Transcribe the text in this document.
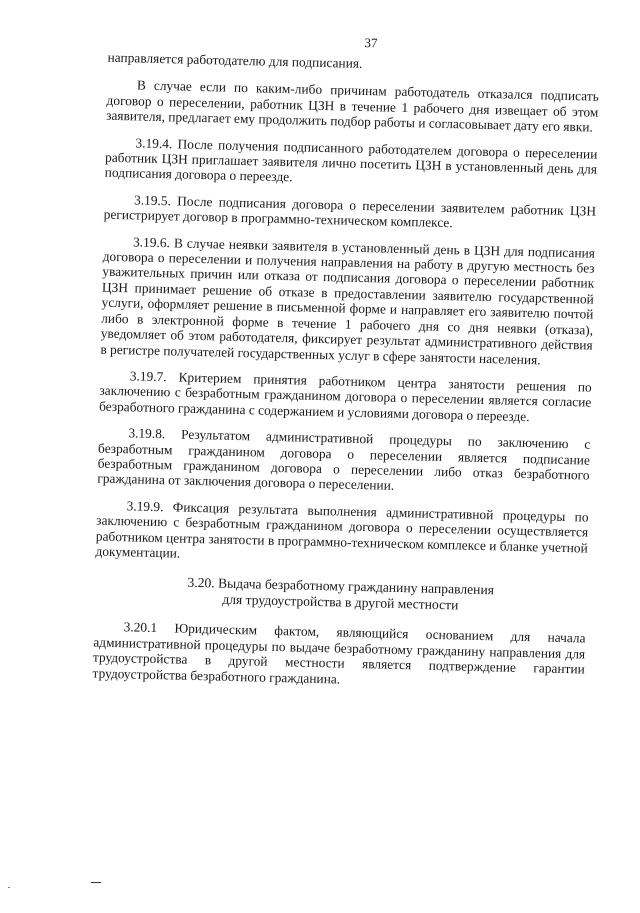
37

направляется работодателю для подписания.

В случае если по каким-либо причинам работодатель отказался подписать договор о переселении, работник ЦЗН в течение 1 рабочего дня извещает об этом заявителя, предлагает ему продолжить подбор работы и согласовывает дату его явки.

3.19.4. После получения подписанного работодателем договора о переселении работник ЦЗН приглашает заявителя лично посетить ЦЗН в установленный день для подписания договора о переезде.

3.19.5. После подписания договора о переселении заявителем работник ЦЗН регистрирует договор в программно-техническом комплексе.

3.19.6. В случае неявки заявителя в установленный день в ЦЗН для подписания договора о переселении и получения направления на работу в другую местность без уважительных причин или отказа от подписания договора о переселении работник ЦЗН принимает решение об отказе в предоставлении заявителю государственной услуги, оформляет решение в письменной форме и направляет его заявителю почтой либо в электронной форме в течение 1 рабочего дня со дня неявки (отказа), уведомляет об этом работодателя, фиксирует результат административного действия в регистре получателей государственных услуг в сфере занятости населения.

3.19.7. Критерием принятия работником центра занятости решения по заключению с безработным гражданином договора о переселении является согласие безработного гражданина с содержанием и условиями договора о переезде.

3.19.8. Результатом административной процедуры по заключению с безработным гражданином договора о переселении является подписание безработным гражданином договора о переселении либо отказ безработного гражданина от заключения договора о переселении.

3.19.9. Фиксация результата выполнения административной процедуры по заключению с безработным гражданином договора о переселении осуществляется работником центра занятости в программно-техническом комплексе и бланке учетной документации.

3.20. Выдача безработному гражданину направления
для трудоустройства в другой местности

3.20.1 Юридическим фактом, являющийся основанием для начала административной процедуры по выдаче безработному гражданину направления для трудоустройства в другой местности является подтверждение гарантии трудоустройства безработного гражданина.
